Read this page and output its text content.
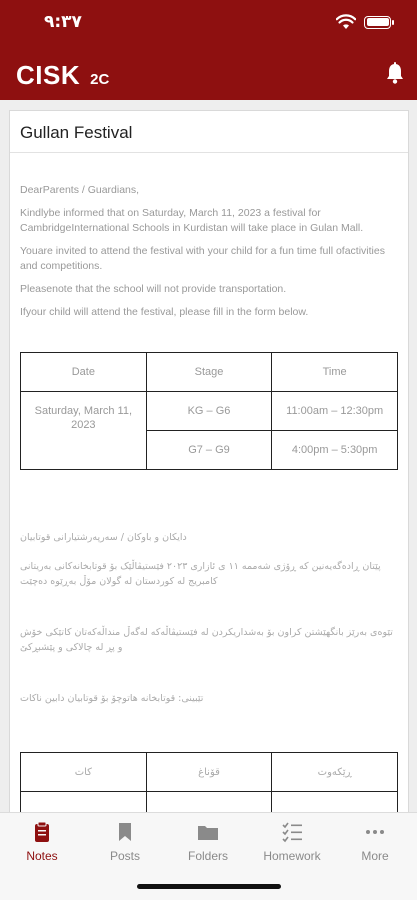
٩:٣٧
CISK 2C
Gullan Festival

DearParents / Guardians,

Kindlybe informed that on Saturday, March 11, 2023 a festival for CambridgeInternational Schools in Kurdistan will take place in Gulan Mall.

Youare invited to attend the festival with your child for a fun time full ofactivities and competitions.

Pleasenote that the school will not provide transportation.

Ifyour child will attend the festival, please fill in the form below.

Date	Stage	Time
Saturday, March 11, 2023	KG – G6	11:00am – 12:30pm
	G7 – G9	4:00pm – 5:30pm

دایکان و باوکان / سەرپەرشتیارانی قوتابیان

پێتان ڕادەگەیەنین کە ڕۆژی شەممە ١١ ی ئازاری ٢٠٢٣ فێستیڤاڵێک بۆ قوتابخانەکانی بەریتانی کامبریج لە کوردستان لە گولان مۆڵ بەڕێوە دەچێت

تێوەی بەرێز بانگهێشتن کراون بۆ بەشداریکردن لە فێستیڤاڵەکە لەگەڵ منداڵەکەتان کاتێکی خۆش و پڕ لە چالاکی و پێشبڕکێ

تێبینی: قوتابخانە هاتوچۆ بۆ قوتابیان دابین ناکات

ڕێکەوت	قۆناغ	کات

Notes	Posts	Folders	Homework	More
